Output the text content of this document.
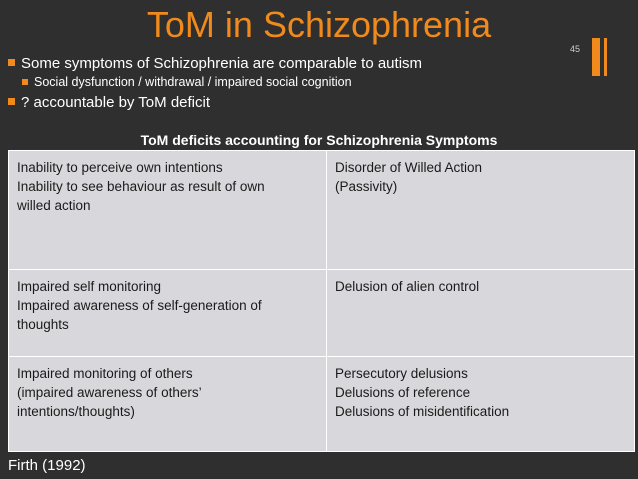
ToM in Schizophrenia
45
Some symptoms of Schizophrenia are comparable to autism
Social dysfunction / withdrawal / impaired social cognition
? accountable by ToM deficit
ToM deficits accounting for Schizophrenia Symptoms
Inability to perceive own intentions
Inability to see behaviour as result of own
willed action	Disorder of Willed Action
(Passivity)

Impaired self monitoring
Impaired awareness of self-generation of
thoughts	Delusion of alien control

Impaired monitoring of others
(impaired awareness of others’
intentions/thoughts)	Persecutory delusions
Delusions of reference
Delusions of misidentification
Firth (1992)
